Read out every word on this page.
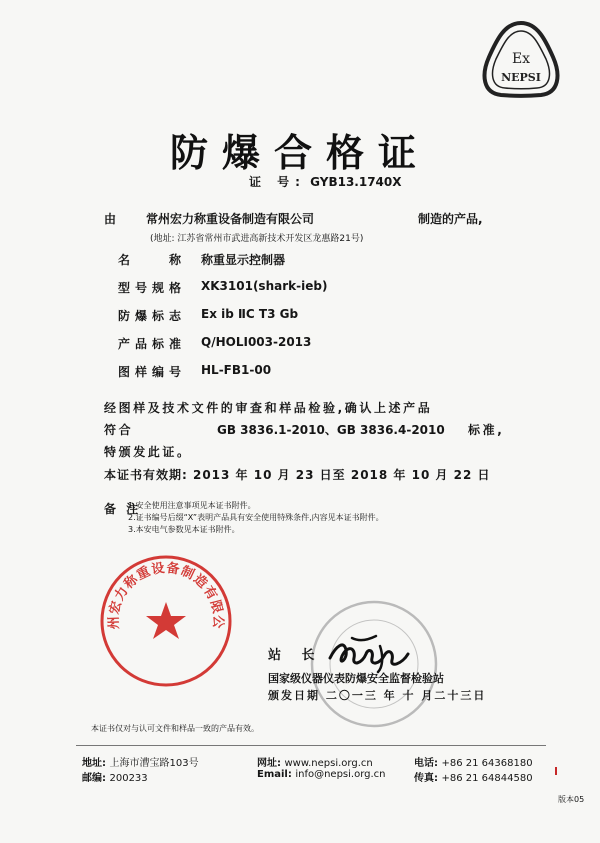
Ex
NEPSI
防爆合格证
证 号: GYB13.1740X
由 常州宏力称重设备制造有限公司	制造的产品,
(地址: 江苏省常州市武进高新技术开发区龙惠路21号)
名　　称 称重显示控制器
型号规格 XK3101(shark-ieb)
防爆标志 Ex ib ⅡC T3 Gb
产品标准 Q/HOLI003-2013
图样编号 HL-FB1-00
经图样及技术文件的审查和样品检验,确认上述产品
符合	GB 3836.1-2010、GB 3836.4-2010 标准,
特颁发此证。
本证书有效期: 2013 年 10 月 23 日至 2018 年 10 月 22 日
备 注
1.安全使用注意事项见本证书附件。
2.证书编号后缀“X”表明产品具有安全使用特殊条件,内容见本证书附件。
3.本安电气参数见本证书附件。
州宏力称重设备制造有限公
站 长
国家级仪器仪表防爆安全监督检验站
颁发日期 二〇一三 年 十 月二十三日
本证书仅对与认可文件和样品一致的产品有效。
地址: 上海市漕宝路103号
邮编: 200233
网址: www.nepsi.org.cn
Email: info@nepsi.org.cn
电话: +86 21 64368180
传真: +86 21 64844580
版本05
